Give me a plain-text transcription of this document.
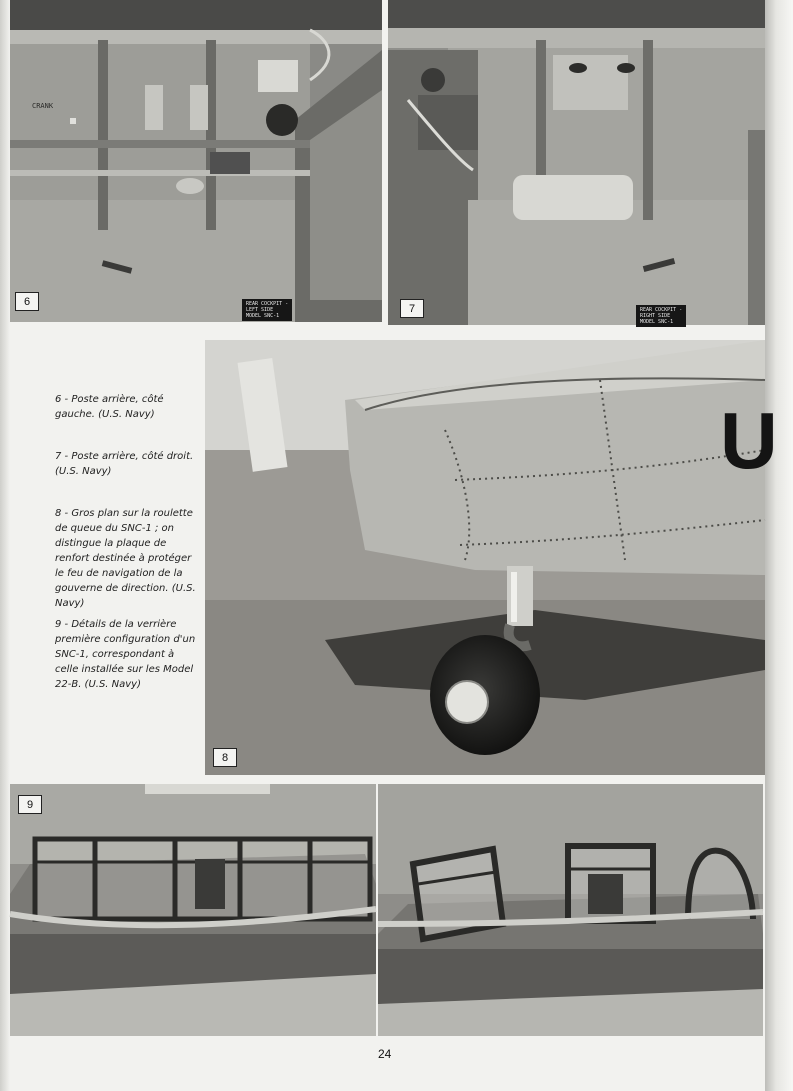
CRANK
6	REAR COCKPIT -
LEFT SIDE
MODEL SNC-1
7	REAR COCKPIT -
RIGHT SIDE
MODEL SNC-1
U
8
6 - Poste arrière, côté gauche. (U.S. Navy)
7 - Poste arrière, côté droit. (U.S. Navy)
8 - Gros plan sur la roulette de queue du SNC-1 ; on distingue la plaque de renfort destinée à protéger le feu de navigation de la gouverne de direction. (U.S. Navy)
9 - Détails de la verrière première configuration d'un SNC-1, correspondant à celle installée sur les Model 22-B. (U.S. Navy)
9
24
